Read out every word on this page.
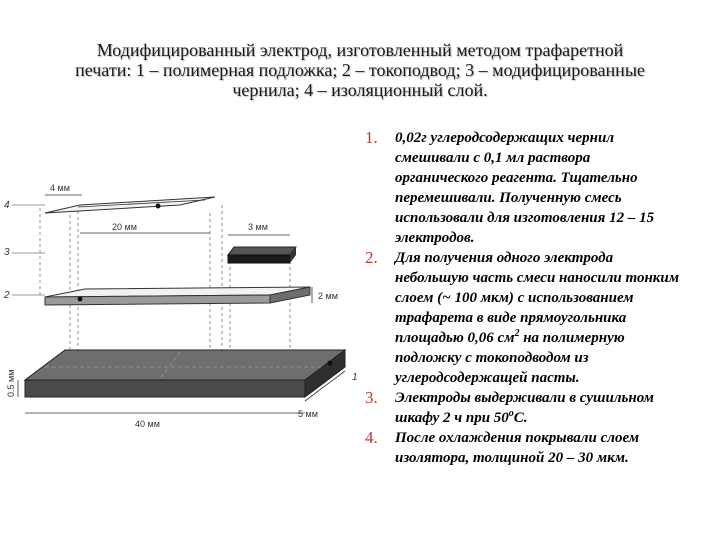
Модифицированный электрод, изготовленный методом трафаретной
печати: 1 – полимерная подложка; 2 – токоподвод; 3 – модифицированные
чернила; 4 – изоляционный слой.
4
3
2
1
4 мм
20 мм	3 мм
2 мм
0.5 мм
40 мм
5 мм
1.	0,02г углеродсодержащих чернил смешивали с 0,1 мл раствора органического реагента. Тщательно перемешивали. Полученную смесь использовали для изготовления 12 – 15 электродов.
2.	Для получения одного электрода небольшую часть смеси наносили тонким слоем (~ 100 мкм) с использованием трафарета в виде прямоугольника площадью 0,06 $см^2$ на полимерную подложку с токоподводом из углеродсодержащей пасты.
3.	Электроды выдерживали в сушильном шкафу 2 ч при $50^оС$.
4.	После охлаждения покрывали слоем изолятора, толщиной 20 – 30 мкм.
